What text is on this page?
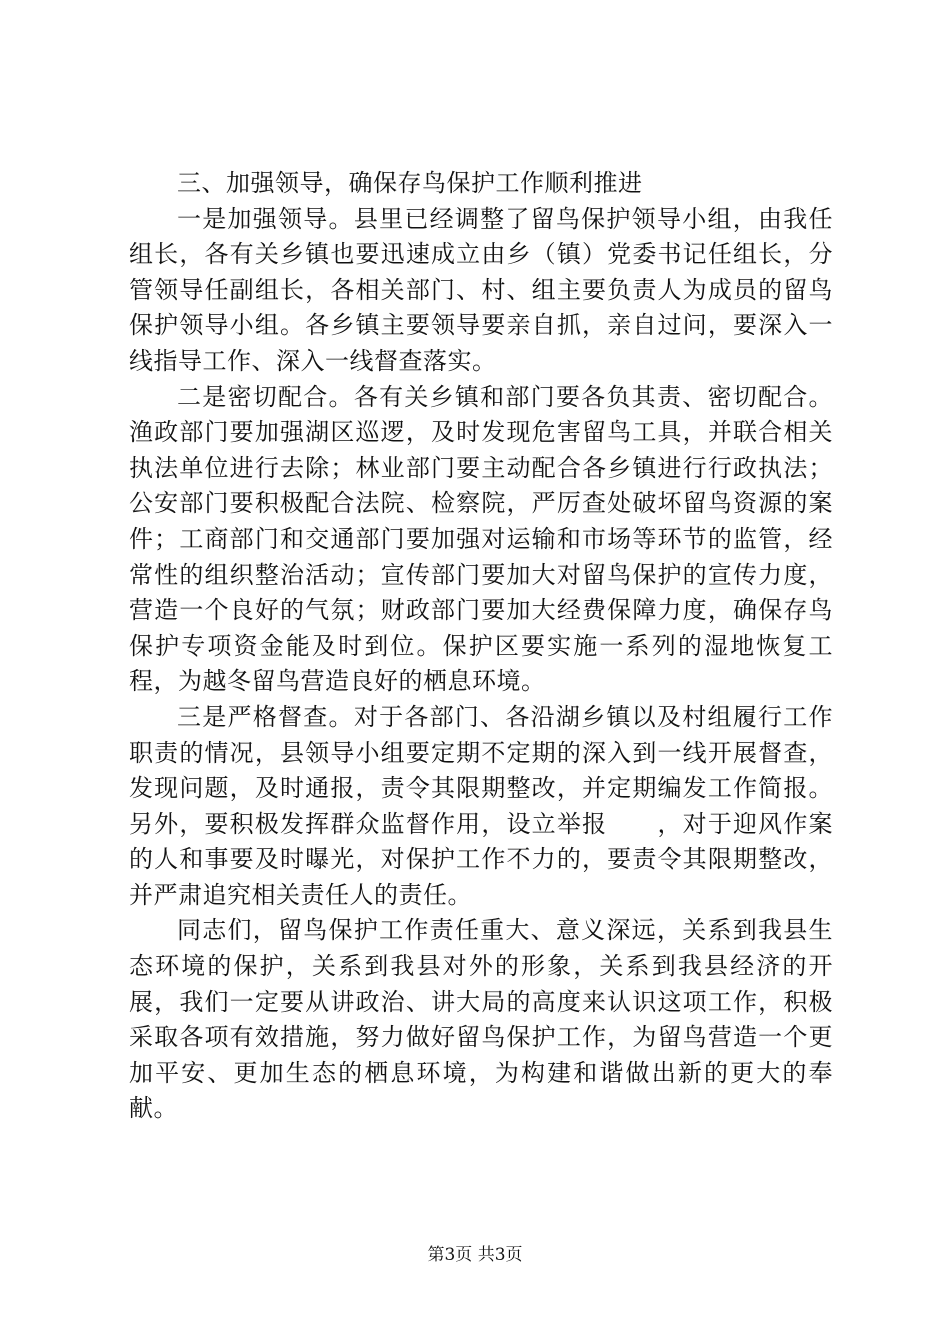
三、加强领导，确保存鸟保护工作顺利推进

一是加强领导。县里已经调整了留鸟保护领导小组，由我任组长，各有关乡镇也要迅速成立由乡（镇）党委书记任组长，分管领导任副组长，各相关部门、村、组主要负责人为成员的留鸟保护领导小组。各乡镇主要领导要亲自抓，亲自过问，要深入一线指导工作、深入一线督查落实。

二是密切配合。各有关乡镇和部门要各负其责、密切配合。渔政部门要加强湖区巡逻，及时发现危害留鸟工具，并联合相关执法单位进行去除；林业部门要主动配合各乡镇进行行政执法；公安部门要积极配合法院、检察院，严厉查处破坏留鸟资源的案件；工商部门和交通部门要加强对运输和市场等环节的监管，经常性的组织整治活动；宣传部门要加大对留鸟保护的宣传力度，营造一个良好的气氛；财政部门要加大经费保障力度，确保存鸟保护专项资金能及时到位。保护区要实施一系列的湿地恢复工程，为越冬留鸟营造良好的栖息环境。

三是严格督查。对于各部门、各沿湖乡镇以及村组履行工作职责的情况，县领导小组要定期不定期的深入到一线开展督查，发现问题，及时通报，责令其限期整改，并定期编发工作简报。另外，要积极发挥群众监督作用，设立举报　　，对于迎风作案的人和事要及时曝光，对保护工作不力的，要责令其限期整改，并严肃追究相关责任人的责任。

同志们，留鸟保护工作责任重大、意义深远，关系到我县生态环境的保护，关系到我县对外的形象，关系到我县经济的开展，我们一定要从讲政治、讲大局的高度来认识这项工作，积极采取各项有效措施，努力做好留鸟保护工作，为留鸟营造一个更加平安、更加生态的栖息环境，为构建和谐做出新的更大的奉献。

第3页 共3页
